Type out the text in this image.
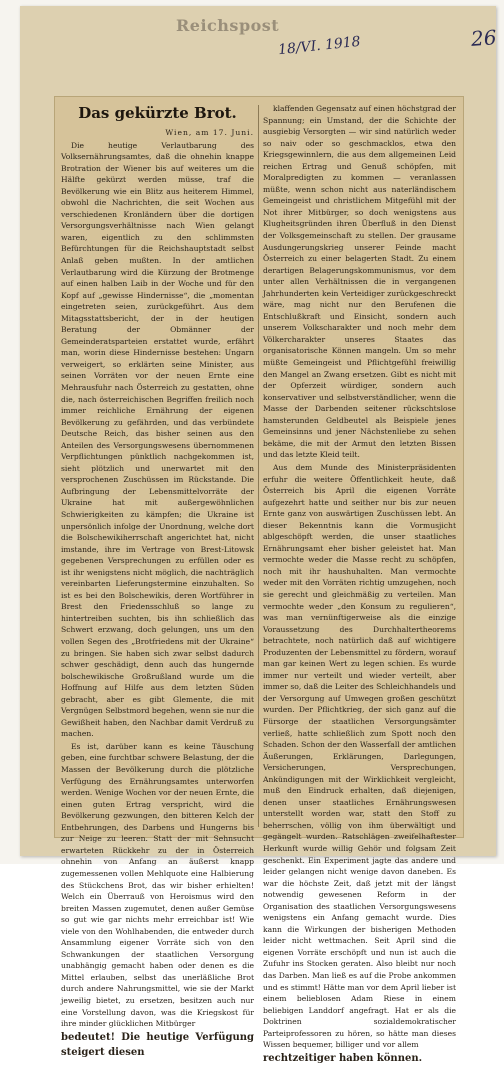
Reichspost
18/VI. 1918	26
Das gekürzte Brot.
Wien, am 17. Juni.

Die heutige Verlautbarung des Volksernährungsamtes, daß die ohnehin knappe Brotration der Wiener bis auf weiteres um die Hälfte gekürzt werden müsse, traf die Bevölkerung wie ein Blitz aus heiterem Himmel, obwohl die Nachrichten, die seit Wochen aus verschiedenen Kronländern über die dortigen Versorgungsverhältnisse nach Wien gelangt waren, eigentlich zu den schlimmsten Befürchtungen für die Reichshauptstadt selbst Anlaß geben mußten. In der amtlichen Verlautbarung wird die Kürzung der Brotmenge auf einen halben Laib in der Woche und für den Kopf auf „gewisse Hindernisse“, die „momentan eingetreten seien, zurückgeführt. Aus dem Mitagsstattsbericht, der in der heutigen Beratung der Obmänner der Gemeinderatsparteien erstattet wurde, erfährt man, worin diese Hindernisse bestehen: Ungarn verweigert, so erklärten seine Minister, aus seinen Vorräten vor der neuen Ernte eine Mehrausfuhr nach Österreich zu gestatten, ohne die, nach österreichischen Begriffen freilich noch immer reichliche Ernährung der eigenen Bevölkerung zu gefährden, und das verbündete Deutsche Reich, das bisher seinen aus den Anteilen des Versorgungswesens übernommenen Verpflichtungen pünktlich nachgekommen ist, sieht plötzlich und unerwartet mit den versprochenen Zuschüssen im Rückstande. Die Aufbringung der Lebensmittelvorräte der Ukraine hat mit außergewöhnlichen Schwierigkeiten zu kämpfen; die Ukraine ist unpersönlich infolge der Unordnung, welche dort die Bolschewikiherrschaft angerichtet hat, nicht imstande, ihre im Vertrage von Brest-Litowsk gegebenen Versprechungen zu erfüllen oder es ist ihr wenigstens nicht möglich, die nachträglich vereinbarten Lieferungstermine einzuhalten. So ist es bei den Bolschewikis, deren Wortführer in Brest den Friedensschluß so lange zu hintertreiben suchten, bis ihn schließlich das Schwert erzwang, doch gelungen, uns um den vollen Segen des „Brotfriedens mit der Ukraine“ zu bringen. Sie haben sich zwar selbst dadurch schwer geschädigt, denn auch das hungernde bolschewikische Großrußland wurde um die Hoffnung auf Hilfe aus dem letzten Süden gebracht, aber es gibt Glemente, die mit Vergnügen Selbstmord begehen, wenn sie nur die Gewißheit haben, den Nachbar damit Verdruß zu machen.

Es ist, darüber kann es keine Täuschung geben, eine furchtbar schwere Belastung, der die Massen der Bevölkerung durch die plötzliche Verfügung des Ernährungsamtes unterworfen werden. Wenige Wochen vor der neuen Ernte, die einen guten Ertrag verspricht, wird die Bevölkerung gezwungen, den bitteren Kelch der Entbehrungen, des Darbens und Hungerns bis zur Neige zu leeren. Statt der mit Sehnsucht erwarteten Rückkehr zu der in Österreich ohnehin von Anfang an äußerst knapp zugemessenen vollen Mehlquote eine Halbierung des Stückchens Brot, das wir bisher erhielten! Welch ein Überrauß von Heroismus wird den breiten Massen zugemutet, denen außer Gemüse so gut wie gar nichts mehr erreichbar ist! Wie viele von den Wohlhabenden, die entweder durch Ansammlung eigener Vorräte sich von den Schwankungen der staatlichen Versorgung unabhängig gemacht haben oder denen es die Mittel erlauben, selbst das unerläßliche Brot durch andere Nahrungsmittel, wie sie der Markt jeweilig bietet, zu ersetzen, besitzen auch nur eine Vorstellung davon, was die Kriegskost für ihre minder glücklichen Mitbürger

bedeutet! Die heutige Verfügung steigert diesen

klaffenden Gegensatz auf einen höchstgrad der Spannung; ein Umstand, der die Schichte der ausgiebig Versorgten — wir sind natürlich weder so naiv oder so geschmacklos, etwa den Kriegsgewinnlern, die aus dem allgemeinen Leid reichen Ertrag und Genuß schöpfen, mit Moralpredigten zu kommen — veranlassen müßte, wenn schon nicht aus naterländischem Gemeingeist und christlichem Mitgefühl mit der Not ihrer Mitbürger, so doch wenigstens aus Klugheitsgründen ihren Überfluß in den Dienst der Volksgemeinschaft zu stellen. Der grausame Ausdungerungskrieg unserer Feinde macht Österreich zu einer belagerten Stadt. Zu einem derartigen Belagerungskommunismus, vor dem unter allen Verhältnissen die in vergangenen Jahrhunderten kein Verteidiger zurückgeschreckt wäre, mag nicht nur den Berufenen die Entschlußkraft und Einsicht, sondern auch unserem Volkscharakter und noch mehr dem Völkercharakter unseres Staates das organisatorische Können mangeln. Um so mehr müßte Gemeingeist und Pflichtgefühl freiwillig den Mangel an Zwang ersetzen. Gibt es nicht mit der Opferzeit würdiger, sondern auch konservativer und selbstverständlicher, wenn die Masse der Darbenden seitener rückschtslose hamsterunden Geldbeutel als Beispiele jenes Gemeinsinns und jener Nächstenliebe zu sehen bekäme, die mit der Armut den letzten Bissen und das letzte Kleid teilt.

Aus dem Munde des Ministerpräsidenten erfuhr die weitere Öffentlichkeit heute, daß Österreich bis April die eigenen Vorräte aufgezehrt hatte und seither nur bis zur neuen Ernte ganz von auswärtigen Zuschüssen lebt. An dieser Bekenntnis kann die Vormusjicht ablgeschöpft werden, die unser staatliches Ernährungsamt eher bisher geleistet hat. Man vermochte weder die Masse recht zu schöpfen, noch mit ihr haushuhalten. Man vermochte weder mit den Vorräten richtig umzugehen, noch sie gerecht und gleichmäßig zu verteilen. Man vermochte weder „den Konsum zu regulieren“, was man vernünftigerweise als die einzige Voraussetzung des Durchhaltertheorems betrachtete, noch natürlich daß auf wichtigere Produzenten der Lebensmittel zu fördern, worauf man gar keinen Wert zu legen schien. Es wurde immer nur verteilt und wieder verteilt, aber immer so, daß die Leiter des Schleichhandels und der Versorgung auf Umwegen großen geschützt wurden. Der Pflichtkrieg, der sich ganz auf die Fürsorge der staatlichen Versorgungsämter verließ, hatte schließlich zum Spott noch den Schaden. Schon der den Wasserfall der amtlichen Äußerungen, Erklärungen, Darlegungen, Versicherungen, Versprechungen, Ankündigungen mit der Wirklichkeit vergleicht, muß den Eindruck erhalten, daß diejenigen, denen unser staatliches Ernährungswesen unterstellt worden war, statt den Stoff zu beherrschen, völlig von ihm überwältigt und gegängelt wurden. Ratschlägen zweifelhaftester Herkunft wurde willig Gehör und folgsam Zeit geschenkt. Ein Experiment jagte das andere und leider gelangen nicht wenige davon daneben. Es war die höchste Zeit, daß jetzt mit der längst notwendig gewesenen Reform in der Organisation des staatlichen Versorgungswesens wenigstens ein Anfang gemacht wurde. Dies kann die Wirkungen der bisherigen Methoden leider nicht wettmachen. Seit April sind die eigenen Vorräte erschöpft und nun ist auch die Zufuhr ins Stocken geraten. Also bleibt nur noch das Darben. Man ließ es auf die Probe ankommen und es stimmt! Hätte man vor dem April lieber ist einem belieblosen Adam Riese in einem beliebigen Landdorf angefragt. Hat er als die Doktrinen sozialdemokratischer Parteiprofessoren zu hören, so hätte man dieses Wissen bequemer, billiger und vor allem

rechtzeitiger haben können.
